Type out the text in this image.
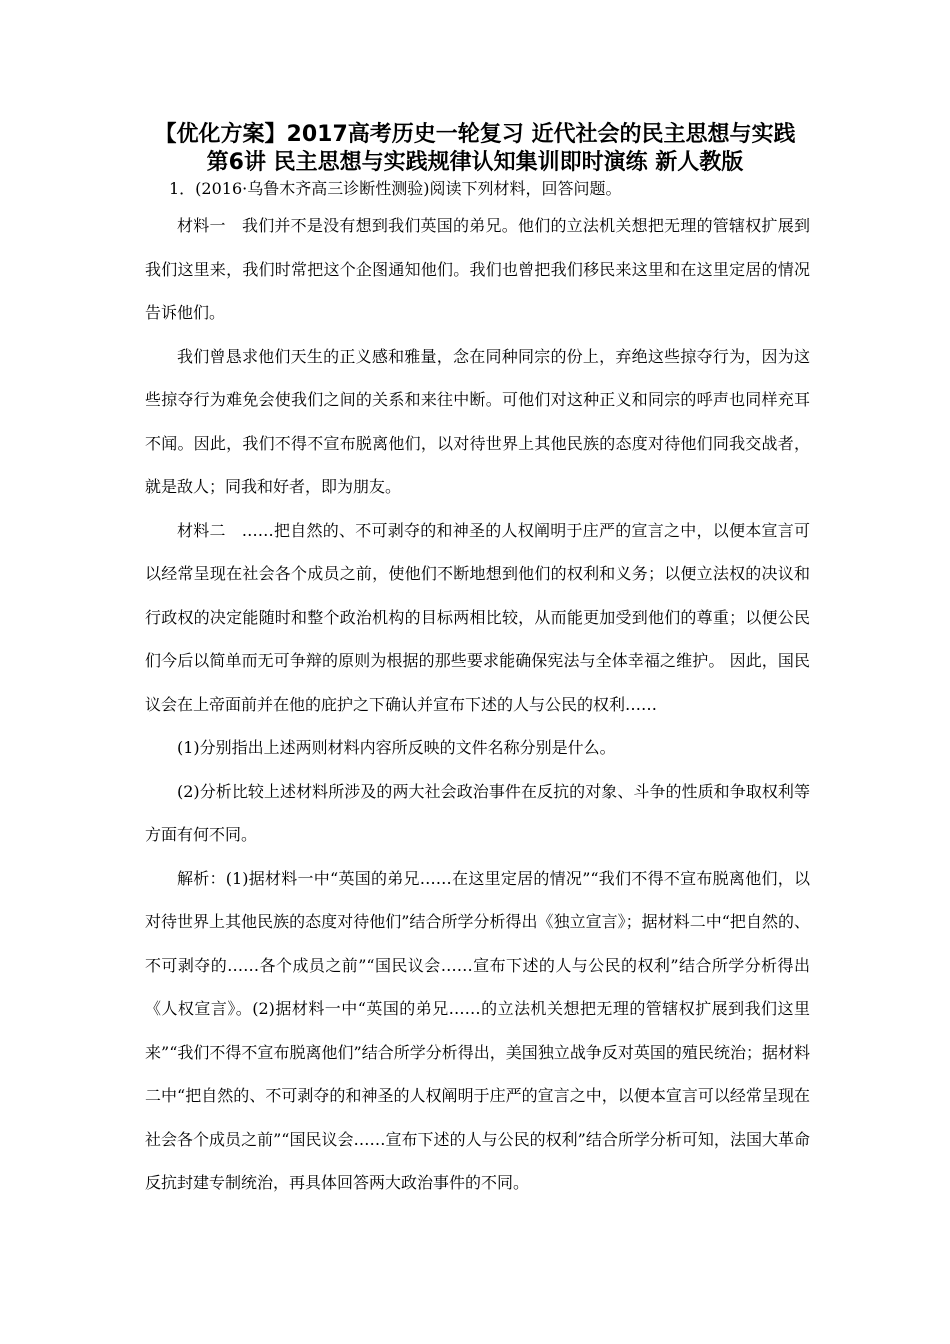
【优化方案】2017高考历史一轮复习 近代社会的民主思想与实践
第6讲 民主思想与实践规律认知集训即时演练 新人教版

1．(2016·乌鲁木齐高三诊断性测验)阅读下列材料，回答问题。

材料一 我们并不是没有想到我们英国的弟兄。他们的立法机关想把无理的管辖权扩展到我们这里来，我们时常把这个企图通知他们。我们也曾把我们移民来这里和在这里定居的情况告诉他们。

我们曾恳求他们天生的正义感和雅量，念在同种同宗的份上，弃绝这些掠夺行为，因为这些掠夺行为难免会使我们之间的关系和来往中断。可他们对这种正义和同宗的呼声也同样充耳不闻。因此，我们不得不宣布脱离他们，以对待世界上其他民族的态度对待他们同我交战者，就是敌人；同我和好者，即为朋友。

材料二 ……把自然的、不可剥夺的和神圣的人权阐明于庄严的宣言之中，以便本宣言可以经常呈现在社会各个成员之前，使他们不断地想到他们的权利和义务；以便立法权的决议和行政权的决定能随时和整个政治机构的目标两相比较，从而能更加受到他们的尊重；以便公民们今后以简单而无可争辩的原则为根据的那些要求能确保宪法与全体幸福之维护。 因此，国民议会在上帝面前并在他的庇护之下确认并宣布下述的人与公民的权利……

(1)分别指出上述两则材料内容所反映的文件名称分别是什么。

(2)分析比较上述材料所涉及的两大社会政治事件在反抗的对象、斗争的性质和争取权利等方面有何不同。

解析：(1)据材料一中“英国的弟兄……在这里定居的情况”“我们不得不宣布脱离他们，以对待世界上其他民族的态度对待他们”结合所学分析得出《独立宣言》；据材料二中“把自然的、不可剥夺的……各个成员之前”“国民议会……宣布下述的人与公民的权利”结合所学分析得出《人权宣言》。(2)据材料一中“英国的弟兄……的立法机关想把无理的管辖权扩展到我们这里来”“我们不得不宣布脱离他们”结合所学分析得出，美国独立战争反对英国的殖民统治；据材料二中“把自然的、不可剥夺的和神圣的人权阐明于庄严的宣言之中，以便本宣言可以经常呈现在社会各个成员之前”“国民议会……宣布下述的人与公民的权利”结合所学分析可知，法国大革命反抗封建专制统治，再具体回答两大政治事件的不同。
